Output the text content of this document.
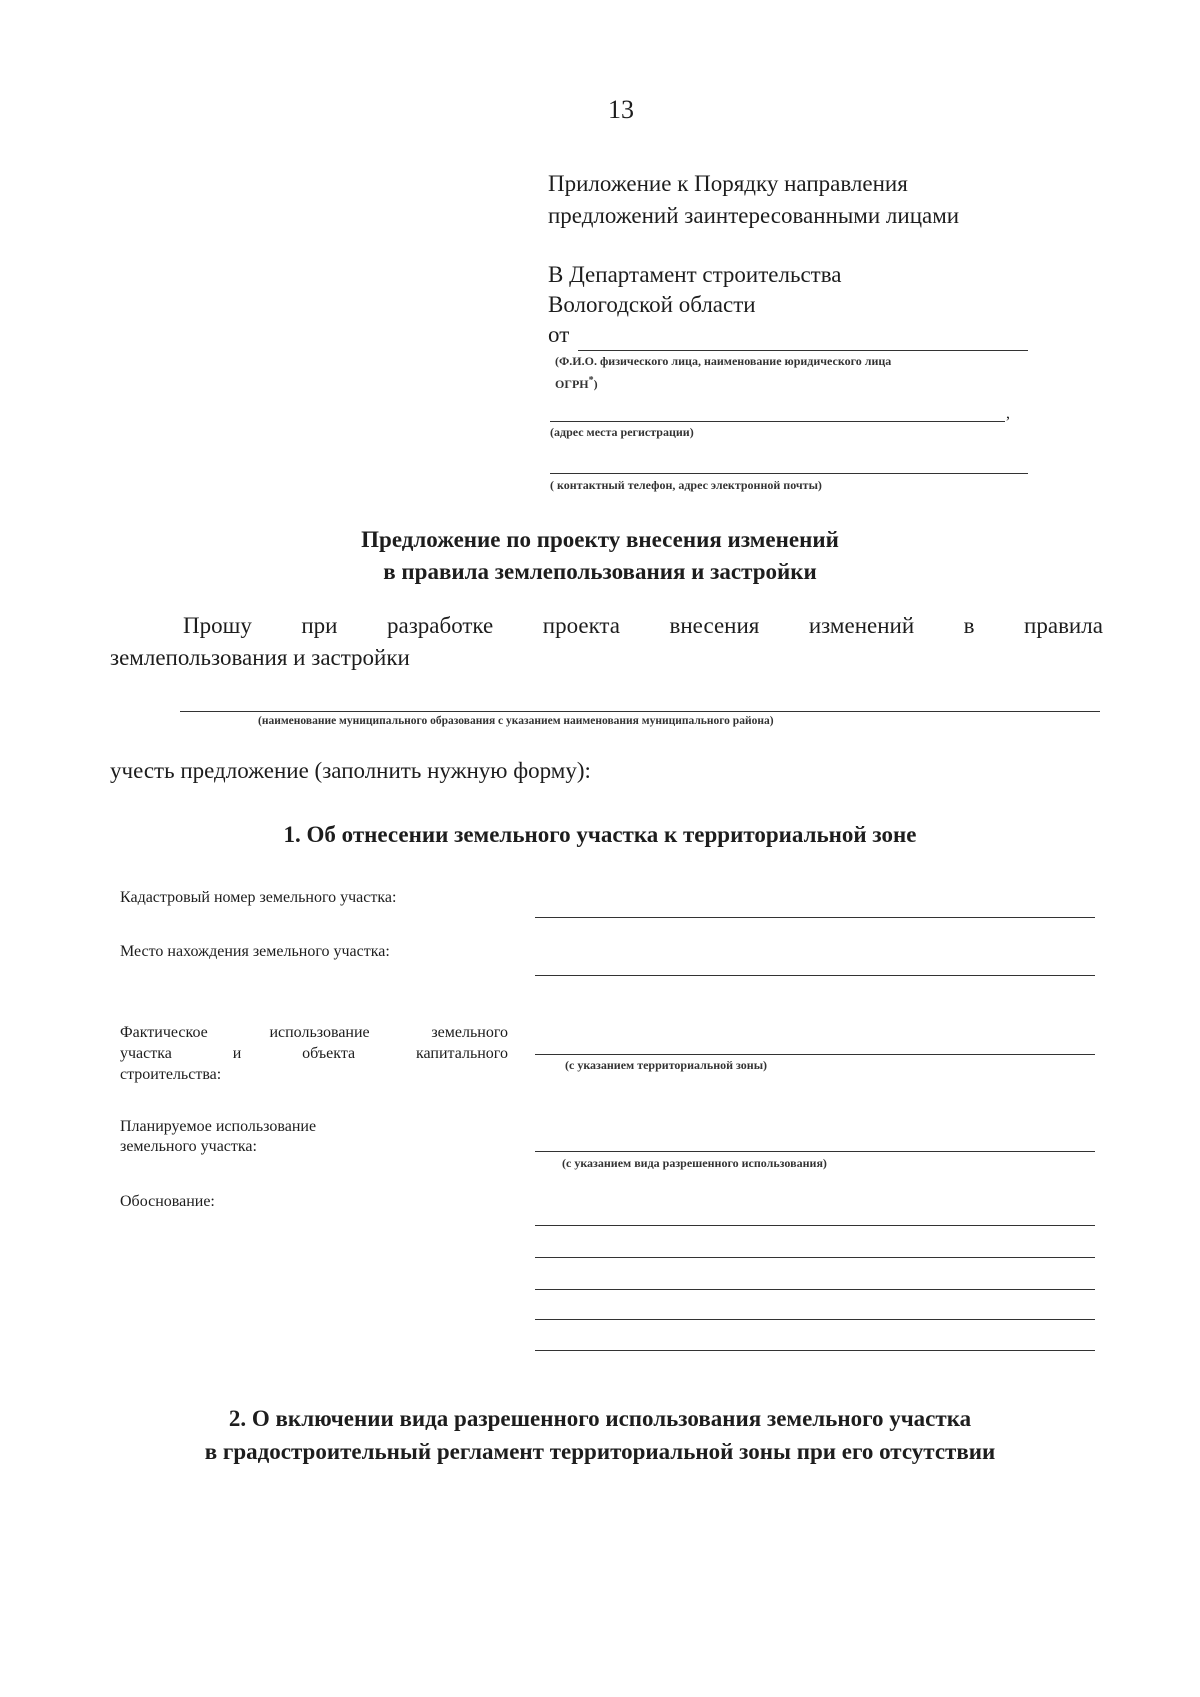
13
Приложение к Порядку направления
предложений заинтересованными лицами
В Департамент строительства
Вологодской области
от
(Ф.И.О. физического лица, наименование юридического лица
ОГРН*)
,
(адрес места регистрации)
( контактный телефон, адрес электронной почты)
Предложение по проекту внесения изменений
в правила землепользования и застройки
Прошу при разработке проекта внесения изменений в правила
землепользования и застройки
(наименование муниципального образования с указанием наименования муниципального района)
учесть предложение (заполнить нужную форму):
1. Об отнесении земельного участка к территориальной зоне
Кадастровый номер земельного участка:
Место нахождения земельного участка:
Фактическое	использование	земельного
участка	и	объекта	капитального
строительства:
(с указанием территориальной зоны)
Планируемое использование
земельного участка:
(с указанием вида разрешенного использования)
Обоснование:
2. О включении вида разрешенного использования земельного участка
в градостроительный регламент территориальной зоны при его отсутствии
